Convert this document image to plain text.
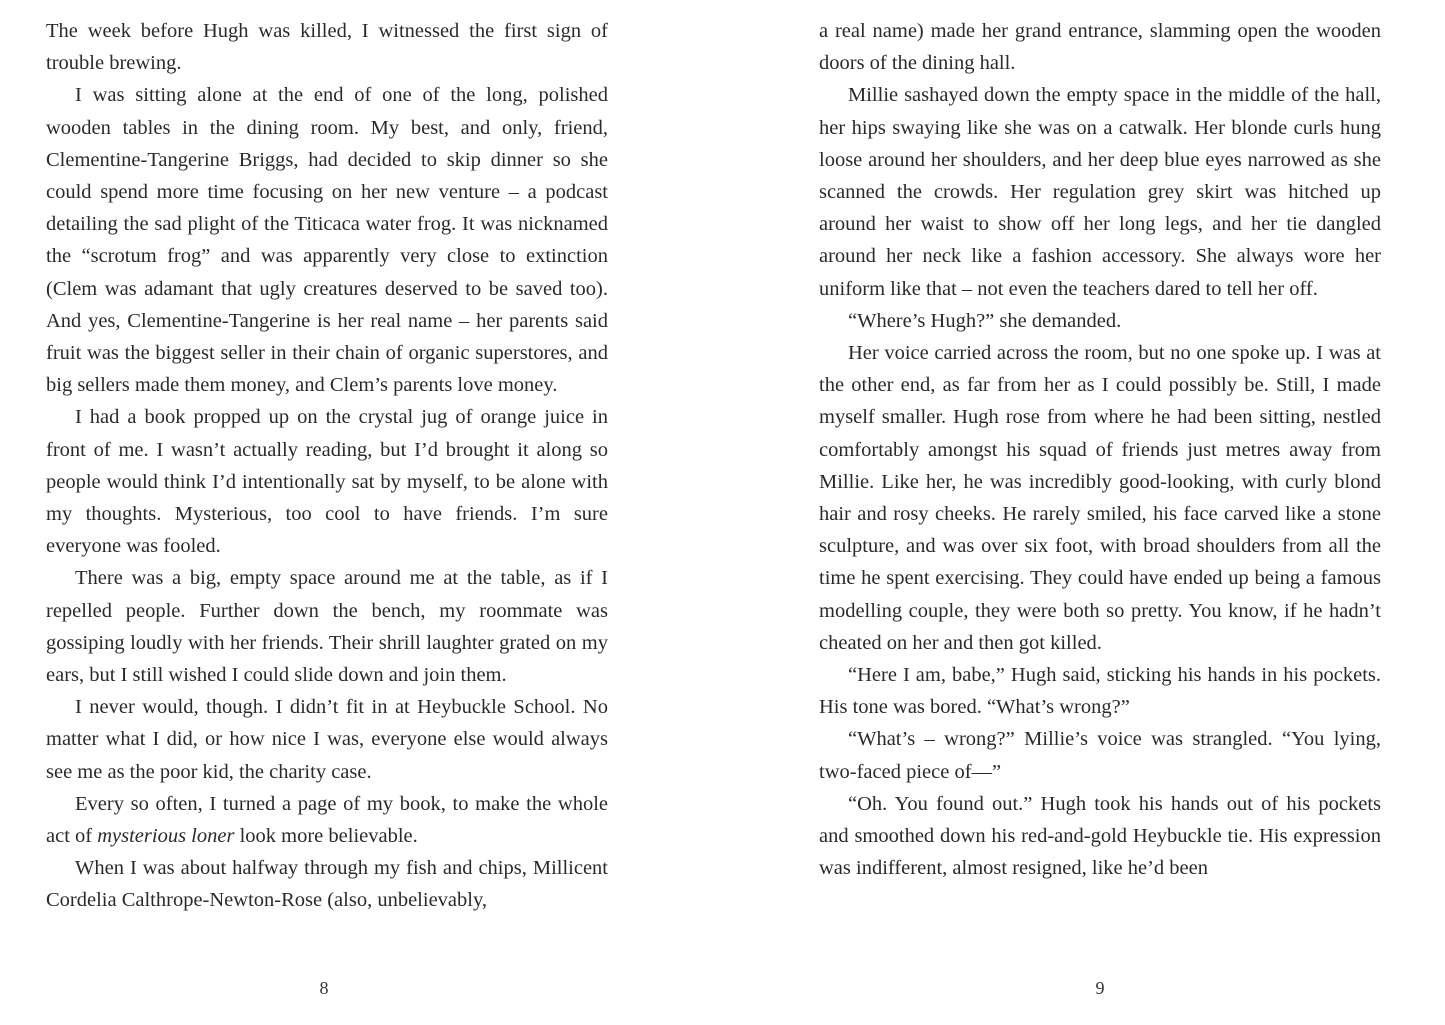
The week before Hugh was killed, I witnessed the first sign of trouble brewing.

I was sitting alone at the end of one of the long, polished wooden tables in the dining room. My best, and only, friend, Clementine-Tangerine Briggs, had decided to skip dinner so she could spend more time focusing on her new venture – a podcast detailing the sad plight of the Titicaca water frog. It was nicknamed the “scrotum frog” and was apparently very close to extinction (Clem was adamant that ugly creatures deserved to be saved too). And yes, Clementine-Tangerine is her real name – her parents said fruit was the biggest seller in their chain of organic superstores, and big sellers made them money, and Clem’s parents love money.

I had a book propped up on the crystal jug of orange juice in front of me. I wasn’t actually reading, but I’d brought it along so people would think I’d intentionally sat by myself, to be alone with my thoughts. Mysterious, too cool to have friends. I’m sure everyone was fooled.

There was a big, empty space around me at the table, as if I repelled people. Further down the bench, my roommate was gossiping loudly with her friends. Their shrill laughter grated on my ears, but I still wished I could slide down and join them.

I never would, though. I didn’t fit in at Heybuckle School. No matter what I did, or how nice I was, everyone else would always see me as the poor kid, the charity case.

Every so often, I turned a page of my book, to make the whole act of mysterious loner look more believable.

When I was about halfway through my fish and chips, Millicent Cordelia Calthrope-Newton-Rose (also, unbelievably,

8

a real name) made her grand entrance, slamming open the wooden doors of the dining hall.

Millie sashayed down the empty space in the middle of the hall, her hips swaying like she was on a catwalk. Her blonde curls hung loose around her shoulders, and her deep blue eyes narrowed as she scanned the crowds. Her regulation grey skirt was hitched up around her waist to show off her long legs, and her tie dangled around her neck like a fashion accessory. She always wore her uniform like that – not even the teachers dared to tell her off.

“Where’s Hugh?” she demanded.

Her voice carried across the room, but no one spoke up. I was at the other end, as far from her as I could possibly be. Still, I made myself smaller. Hugh rose from where he had been sitting, nestled comfortably amongst his squad of friends just metres away from Millie. Like her, he was incredibly good-looking, with curly blond hair and rosy cheeks. He rarely smiled, his face carved like a stone sculpture, and was over six foot, with broad shoulders from all the time he spent exercising. They could have ended up being a famous modelling couple, they were both so pretty. You know, if he hadn’t cheated on her and then got killed.

“Here I am, babe,” Hugh said, sticking his hands in his pockets. His tone was bored. “What’s wrong?”

“What’s – wrong?” Millie’s voice was strangled. “You lying, two-faced piece of—”

“Oh. You found out.” Hugh took his hands out of his pockets and smoothed down his red-and-gold Heybuckle tie. His expression was indifferent, almost resigned, like he’d been

9
